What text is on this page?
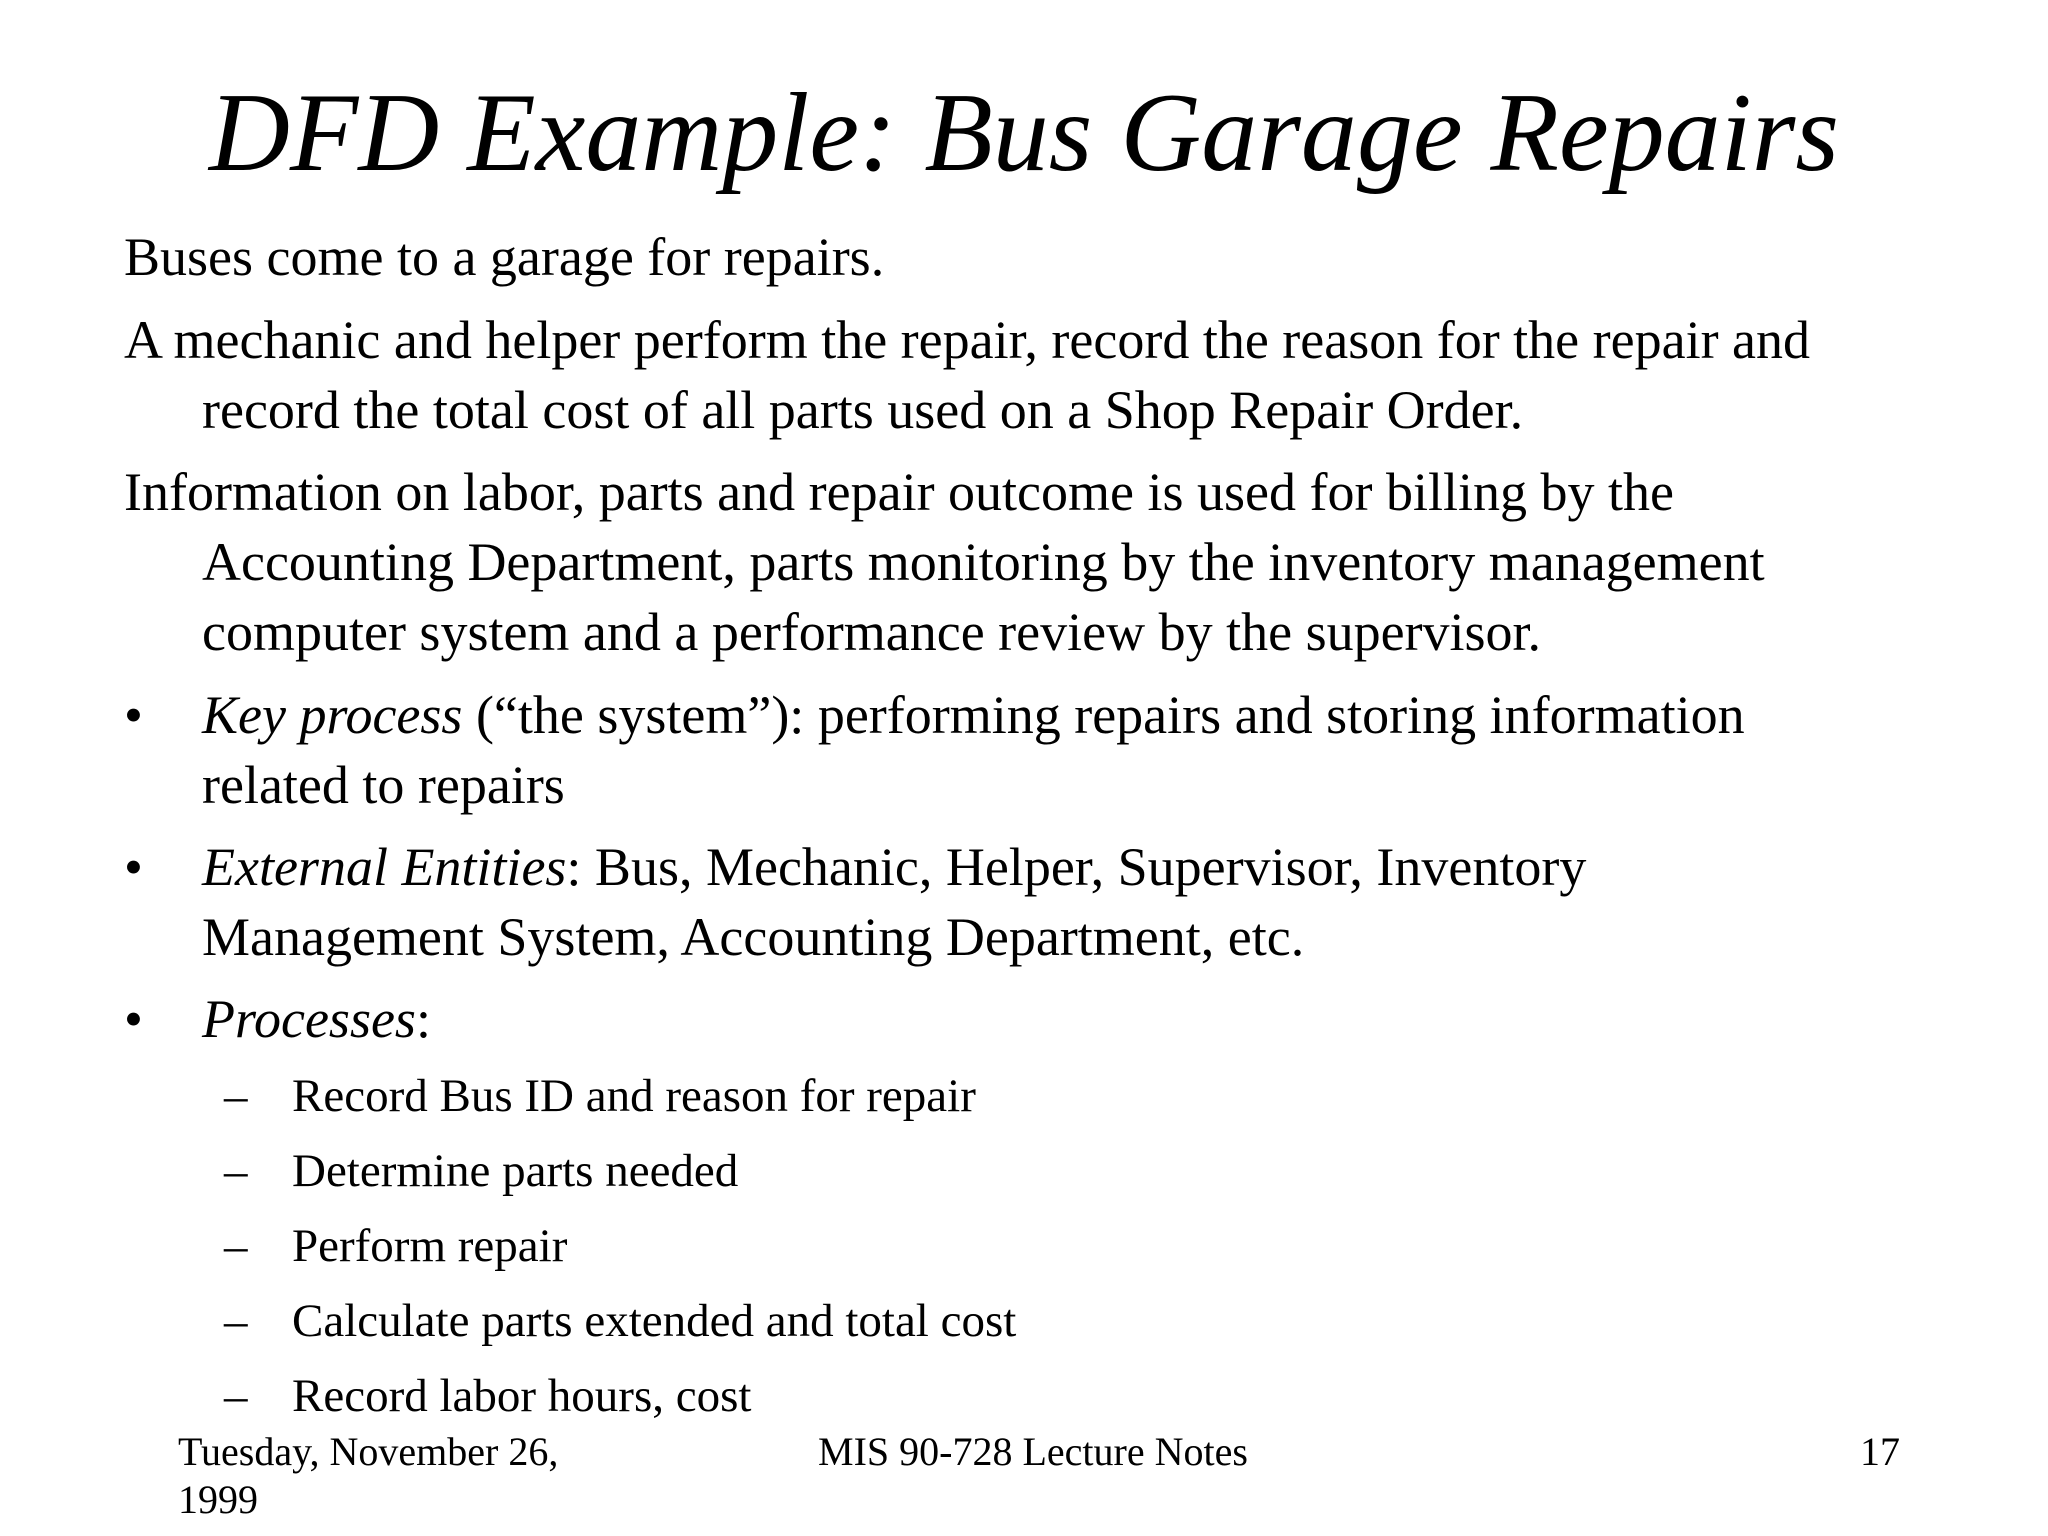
DFD Example: Bus Garage Repairs
Buses come to a garage for repairs.
A mechanic and helper perform the repair, record the reason for the repair and
record the total cost of all parts used on a Shop Repair Order.
Information on labor, parts and repair outcome is used for billing by the
Accounting Department, parts monitoring by the inventory management
computer system and a performance review by the supervisor.
• Key process (“the system”): performing repairs and storing information
related to repairs
• External Entities: Bus, Mechanic, Helper, Supervisor, Inventory
Management System, Accounting Department, etc.
• Processes:
– Record Bus ID and reason for repair
– Determine parts needed
– Perform repair
– Calculate parts extended and total cost
– Record labor hours, cost
Tuesday, November 26,
1999
MIS 90-728 Lecture Notes	17
